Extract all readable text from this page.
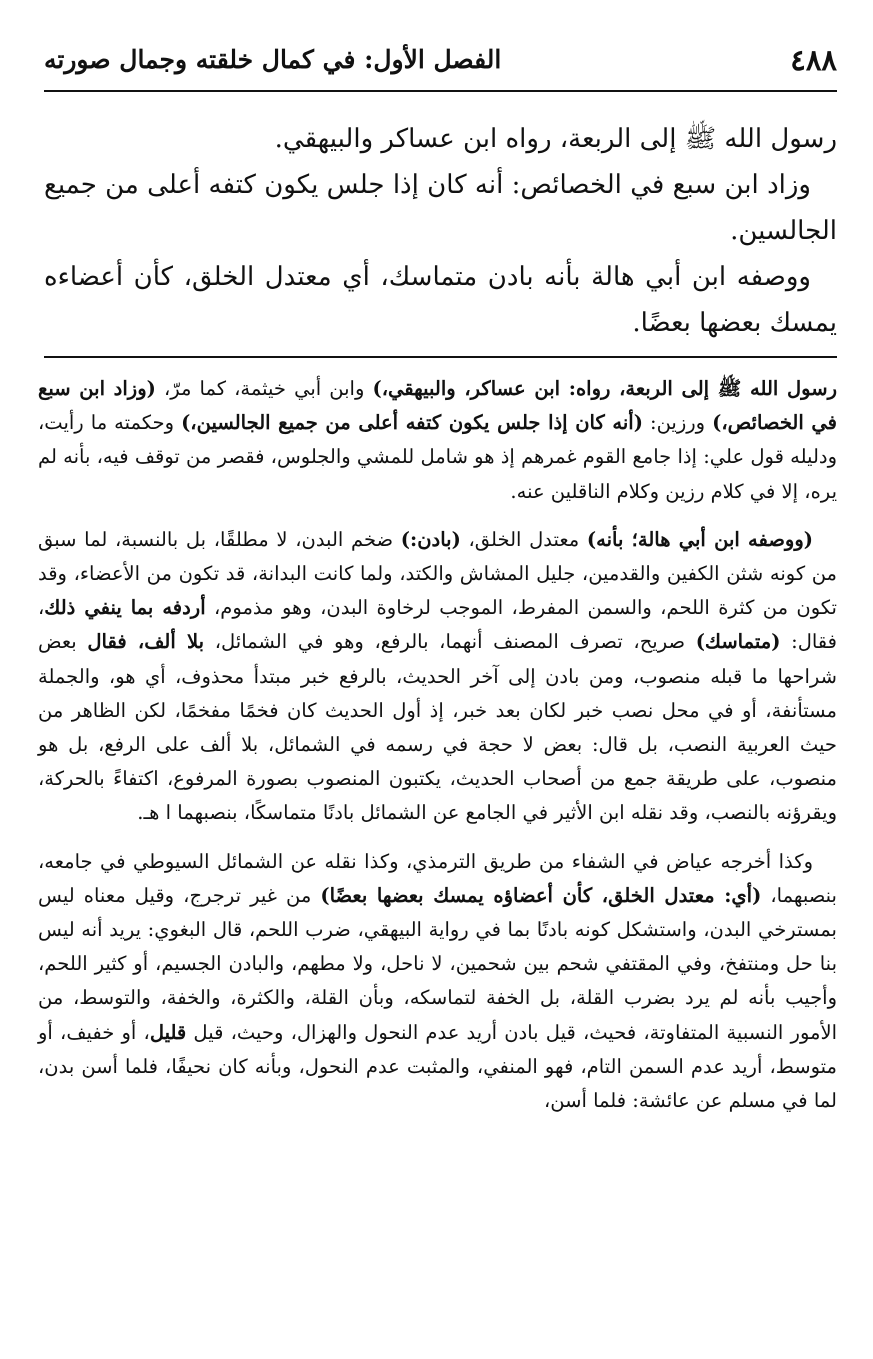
٤٨٨
الفصل الأول: في كمال خلقته وجمال صورته

رسول الله ﷺ إلى الربعة، رواه ابن عساكر والبيهقي.

وزاد ابن سبع في الخصائص: أنه كان إذا جلس يكون كتفه أعلى من جميع الجالسين.

ووصفه ابن أبي هالة بأنه بادن متماسك، أي معتدل الخلق، كأن أعضاءه يمسك بعضها بعضًا.

رسول الله ﷺ إلى الربعة، رواه: ابن عساكر، والبيهقي،) وابن أبي خيثمة، كما مرّ، (وزاد ابن سبع في الخصائص،) ورزين: (أنه كان إذا جلس يكون كتفه أعلى من جميع الجالسين،) وحكمته ما رأيت، ودليله قول علي: إذا جامع القوم غمرهم إذ هو شامل للمشي والجلوس، فقصر من توقف فيه، بأنه لم يره، إلا في كلام رزين وكلام الناقلين عنه.

(ووصفه ابن أبي هالة؛ بأنه) معتدل الخلق، (بادن:) ضخم البدن، لا مطلقًا، بل بالنسبة، لما سبق من كونه شثن الكفين والقدمين، جليل المشاش والكتد، ولما كانت البدانة، قد تكون من الأعضاء، وقد تكون من كثرة اللحم، والسمن المفرط، الموجب لرخاوة البدن، وهو مذموم، أردفه بما ينفي ذلك، فقال: (متماسك) صريح، تصرف المصنف أنهما، بالرفع، وهو في الشمائل، بلا ألف، فقال بعض شراحها ما قبله منصوب، ومن بادن إلى آخر الحديث، بالرفع خبر مبتدأ محذوف، أي هو، والجملة مستأنفة، أو في محل نصب خبر لكان بعد خبر، إذ أول الحديث كان فخمًا مفخمًا، لكن الظاهر من حيث العربية النصب، بل قال: بعض لا حجة في رسمه في الشمائل، بلا ألف على الرفع، بل هو منصوب، على طريقة جمع من أصحاب الحديث، يكتبون المنصوب بصورة المرفوع، اكتفاءً بالحركة، ويقرؤنه بالنصب، وقد نقله ابن الأثير في الجامع عن الشمائل بادنًا متماسكًا، بنصبهما ا هـ.

وكذا أخرجه عياض في الشفاء من طريق الترمذي، وكذا نقله عن الشمائل السيوطي في جامعه، بنصبهما، (أي: معتدل الخلق، كأن أعضاؤه يمسك بعضها بعضًا) من غير ترجرج، وقيل معناه ليس بمسترخي البدن، واستشكل كونه بادنًا بما في رواية البيهقي، ضرب اللحم، قال البغوي: يريد أنه ليس بنا حل ومنتفخ، وفي المقتفي شحم بين شحمين، لا ناحل، ولا مطهم، والبادن الجسيم، أو كثير اللحم، وأجيب بأنه لم يرد بضرب القلة، بل الخفة لتماسكه، وبأن القلة، والكثرة، والخفة، والتوسط، من الأمور النسبية المتفاوتة، فحيث، قيل بادن أريد عدم النحول والهزال، وحيث، قيل قليل، أو خفيف، أو متوسط، أريد عدم السمن التام، فهو المنفي، والمثبت عدم النحول، وبأنه كان نحيفًا، فلما أسن بدن، لما في مسلم عن عائشة: فلما أسن،
